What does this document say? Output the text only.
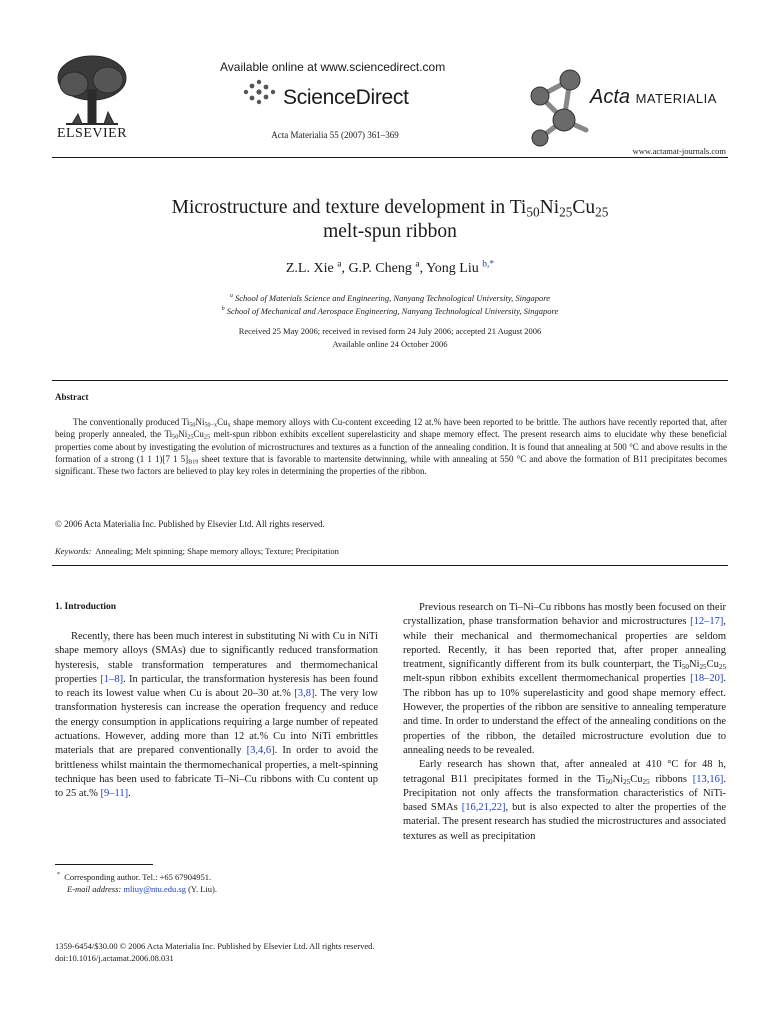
ELSEVIER
Available online at www.sciencedirect.com
ScienceDirect
Acta Materialia 55 (2007) 361–369
Acta MATERIALIA
www.actamat-journals.com
Microstructure and texture development in $Ti_{50}Ni_{25}Cu_{25}$
melt-spun ribbon
Z.L. Xie $^a$, G.P. Cheng $^a$, Yong Liu $^{b,*}$
$^a$ School of Materials Science and Engineering, Nanyang Technological University, Singapore
$^b$ School of Mechanical and Aerospace Engineering, Nanyang Technological University, Singapore
Received 25 May 2006; received in revised form 24 July 2006; accepted 21 August 2006
Available online 24 October 2006
Abstract
The conventionally produced $Ti_{50}Ni_{50-x}Cu_x$ shape memory alloys with Cu-content exceeding 12 at.% have been reported to be brittle. The authors have recently reported that, after being properly annealed, the $Ti_{50}Ni_{25}Cu_{25}$ melt-spun ribbon exhibits excellent superelasticity and shape memory effect. The present research aims to elucidate why these beneficial properties come about by investigating the evolution of microstructures and textures as a function of the annealing condition. It is found that annealing at 500 °C and above results in the formation of a strong (1 1 1)[7 1 $5]_{B19}$ sheet texture that is favorable to martensite detwinning, while with annealing at 550 °C and above the formation of B11 precipitates becomes significant. These two factors are believed to play key roles in determining the properties of the ribbon.
© 2006 Acta Materialia Inc. Published by Elsevier Ltd. All rights reserved.
Keywords: Annealing; Melt spinning; Shape memory alloys; Texture; Precipitation
1. Introduction

Recently, there has been much interest in substituting Ni with Cu in NiTi shape memory alloys (SMAs) due to significantly reduced transformation hysteresis, stable transformation temperatures and thermomechanical properties [1–8]. In particular, the transformation hysteresis has been found to reach its lowest value when Cu is about 20–30 at.% [3,8]. The very low transformation hysteresis can increase the operation frequency and reduce the energy consumption in applications requiring a large number of repeated actuations. However, adding more than 12 at.% Cu into NiTi embrittles materials that are prepared conventionally [3,4,6]. In order to avoid the brittleness whilst maintain the thermomechanical properties, a melt-spinning technique has been used to fabricate Ti–Ni–Cu ribbons with Cu content up to 25 at.% [9–11].

* Corresponding author. Tel.: +65 67904951.
E-mail address: mliuy@ntu.edu.sg (Y. Liu).

Previous research on Ti–Ni–Cu ribbons has mostly been focused on their crystallization, phase transformation behavior and microstructures [12–17], while their mechanical and thermomechanical properties are seldom reported. Recently, it has been reported that, after proper annealing treatment, significantly different from its bulk counterpart, the $Ti_{50}Ni_{25}Cu_{25}$ melt-spun ribbon exhibits excellent thermomechanical properties [18–20]. The ribbon has up to 10% superelasticity and good shape memory effect. However, the properties of the ribbon are sensitive to annealing temperature and time. In order to understand the effect of the annealing conditions on the properties of the ribbon, the detailed microstructure evolution due to annealing needs to be revealed.

Early research has shown that, after annealed at 410 °C for 48 h, tetragonal B11 precipitates formed in the $Ti_{50}Ni_{25}Cu_{25}$ ribbons [13,16]. Precipitation not only affects the transformation characteristics of NiTi-based SMAs [16,21,22], but is also expected to alter the properties of the material. The present research has studied the microstructures and associated textures as well as precipitation

1359-6454/$30.00 © 2006 Acta Materialia Inc. Published by Elsevier Ltd. All rights reserved.
doi:10.1016/j.actamat.2006.08.031
